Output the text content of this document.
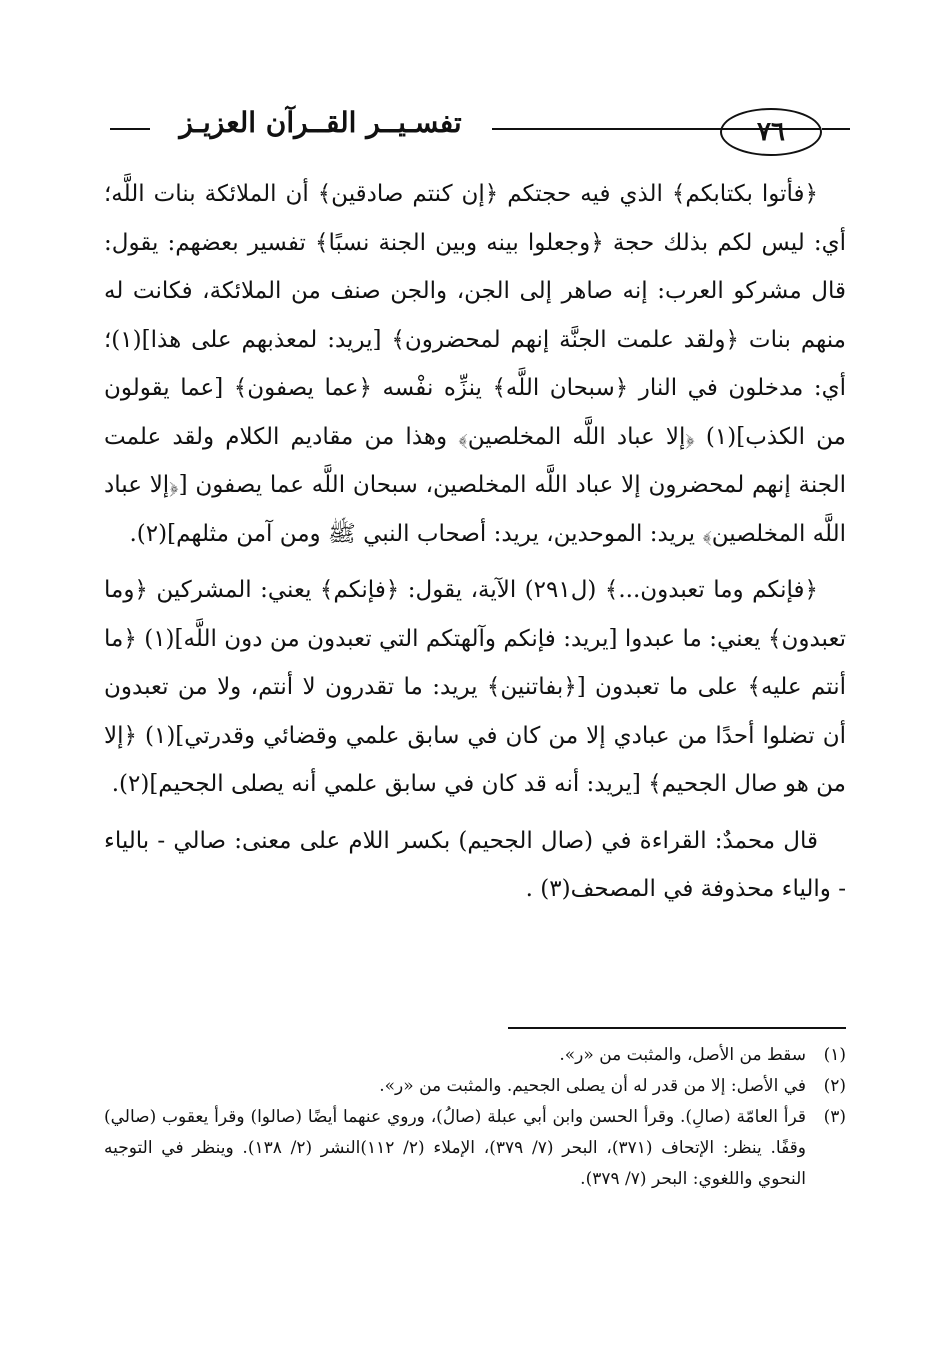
تفسـيــر القــرآن العزيـز	٧٦

﴿فأتوا بكتابكم﴾ الذي فيه حجتكم ﴿إن كنتم صادقين﴾ أن الملائكة بنات اللَّه؛ أي: ليس لكم بذلك حجة ﴿وجعلوا بينه وبين الجنة نسبًا﴾ تفسير بعضهم: يقول: قال مشركو العرب: إنه صاهر إلى الجن، والجن صنف من الملائكة، فكانت له منهم بنات ﴿ولقد علمت الجنَّة إنهم لمحضرون﴾ [يريد: لمعذبهم على هذا](١)؛ أي: مدخلون في النار ﴿سبحان اللَّه﴾ ينزِّه نفْسه ﴿عما يصفون﴾ [عما يقولون من الكذب](١) ﴿إلا عباد اللَّه المخلصين﴾ وهذا من مقاديم الكلام ولقد علمت الجنة إنهم لمحضرون إلا عباد اللَّه المخلصين، سبحان اللَّه عما يصفون [﴿إلا عباد اللَّه المخلصين﴾ يريد: الموحدين، يريد: أصحاب النبي ﷺ ومن آمن مثلهم](٢).

﴿فإنكم وما تعبدون...﴾ (ل٢٩١) الآية، يقول: ﴿فإنكم﴾ يعني: المشركين ﴿وما تعبدون﴾ يعني: ما عبدوا [يريد: فإنكم وآلهتكم التي تعبدون من دون اللَّه](١) ﴿ما أنتم عليه﴾ على ما تعبدون [﴿بفاتنين﴾ يريد: ما تقدرون لا أنتم، ولا من تعبدون أن تضلوا أحدًا من عبادي إلا من كان في سابق علمي وقضائي وقدرتي](١) ﴿إلا من هو صال الجحيم﴾ [يريد: أنه قد كان في سابق علمي أنه يصلى الجحيم](٢).

قال محمدٌ: القراءة في (صال الجحيم) بكسر اللام على معنى: صالي - بالياء - والياء محذوفة في المصحف(٣) .

(١)
سقط من الأصل، والمثبت من «ر».
(٢)
في الأصل: إلا من قدر له أن يصلى الجحيم. والمثبت من «ر».
(٣)
قرأ العامّة (صالِ). وقرأ الحسن وابن أبي عبلة (صالُ)، وروي عنهما أيضًا (صالوا) وقرأ يعقوب (صالي) وقفًا. ينظر: الإتحاف (٣٧١)، البحر (٧/ ٣٧٩)، الإملاء (٢/ ١١٢)النشر (٢/ ١٣٨). وينظر في التوجيه النحوي واللغوي: البحر (٧/ ٣٧٩).
